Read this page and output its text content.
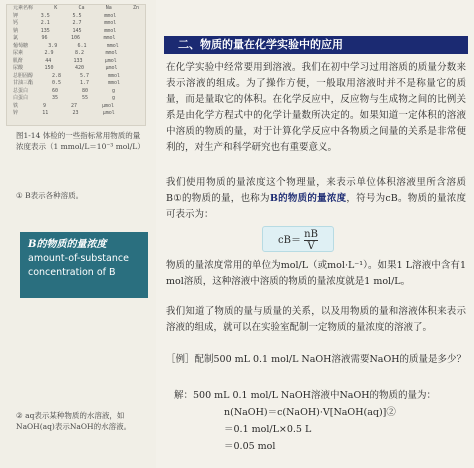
元素名称	K	Ca	Na	Zn
钾	3.5	5.5	mmol
钙	2.1	2.7	mmol
钠	135	145	mmol
氯	96	106	mmol
葡萄糖	3.9	6.1	mmol
尿素	2.9	8.2	mmol
肌酐	44	133	μmol
尿酸	150	420	μmol
总胆固醇	2.8	5.7	mmol
甘油三酯	0.5	1.7	mmol
总蛋白	60	80	g
白蛋白	35	55	g
铁	9	27	μmol
锌	11	23	μmol
图1-14 体检的一些指标常用物质的量浓度表示（1 mmol/L＝10⁻³ mol/L）
① B表示各种溶质。
B的物质的量浓度
amount-of-substance
concentration of B
② aq表示某种物质的水溶液，如NaOH(aq)表示NaOH的水溶液。
二、物质的量在化学实验中的应用

在化学实验中经常要用到溶液。我们在初中学习过用溶质的质量分数来表示溶液的组成。为了操作方便，一般取用溶液时并不是称量它的质量，而是量取它的体积。在化学反应中，反应物与生成物之间的比例关系是由化学方程式中的化学计量数所决定的。如果知道一定体积的溶液中溶质的物质的量，对于计算化学反应中各物质之间量的关系是非常便利的，对生产和科学研究也有重要意义。

我们使用物质的量浓度这个物理量，来表示单位体积溶液里所含溶质B①的物质的量，也称为B的物质的量浓度，符号为cB。物质的量浓度可表示为：

$cB= \frac{nB}{V}$

物质的量浓度常用的单位为mol/L（或mol·L⁻¹）。如果1 L溶液中含有1 mol溶质，这种溶液中溶质的物质的量浓度就是1 mol/L。

我们知道了物质的量与质量的关系，以及用物质的量和溶液体积来表示溶液的组成，就可以在实验室配制一定物质的量浓度的溶液了。

［例］配制500 mL 0.1 mol/L NaOH溶液需要NaOH的质量是多少？

解：500 mL 0.1 mol/L NaOH溶液中NaOH的物质的量为：

n(NaOH)＝c(NaOH)·V[NaOH(aq)]②
＝0.1 mol/L×0.5 L
＝0.05 mol
